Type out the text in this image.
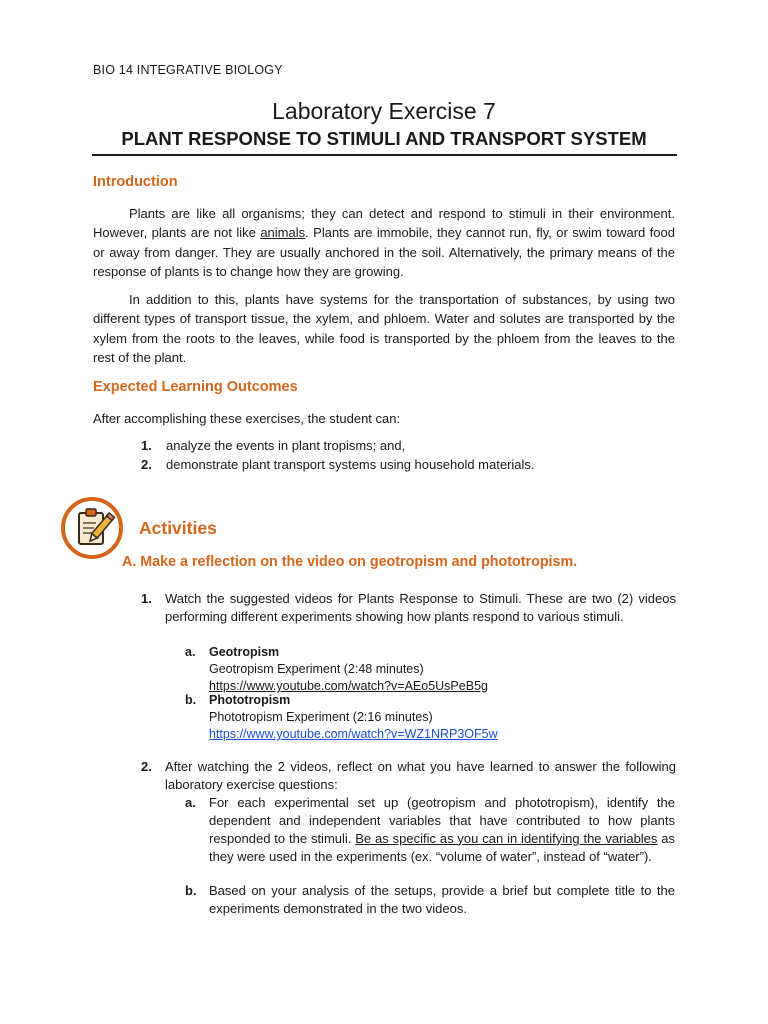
BIO 14 INTEGRATIVE BIOLOGY
Laboratory Exercise 7
PLANT RESPONSE TO STIMULI AND TRANSPORT SYSTEM
Introduction
Plants are like all organisms; they can detect and respond to stimuli in their environment. However, plants are not like animals. Plants are immobile, they cannot run, fly, or swim toward food or away from danger. They are usually anchored in the soil. Alternatively, the primary means of the response of plants is to change how they are growing.
In addition to this, plants have systems for the transportation of substances, by using two different types of transport tissue, the xylem, and phloem. Water and solutes are transported by the xylem from the roots to the leaves, while food is transported by the phloem from the leaves to the rest of the plant.
Expected Learning Outcomes
After accomplishing these exercises, the student can:
1. analyze the events in plant tropisms; and,
2. demonstrate plant transport systems using household materials.
Activities
A. Make a reflection on the video on geotropism and phototropism.
1. Watch the suggested videos for Plants Response to Stimuli. These are two (2) videos performing different experiments showing how plants respond to various stimuli.
a. Geotropism
Geotropism Experiment (2:48 minutes)
https://www.youtube.com/watch?v=AEo5UsPeB5g
b. Phototropism
Phototropism Experiment (2:16 minutes)
https://www.youtube.com/watch?v=WZ1NRP3OF5w
2. After watching the 2 videos, reflect on what you have learned to answer the following laboratory exercise questions:
a. For each experimental set up (geotropism and phototropism), identify the dependent and independent variables that have contributed to how plants responded to the stimuli. Be as specific as you can in identifying the variables as they were used in the experiments (ex. “volume of water”, instead of “water”).
b. Based on your analysis of the setups, provide a brief but complete title to the experiments demonstrated in the two videos.
